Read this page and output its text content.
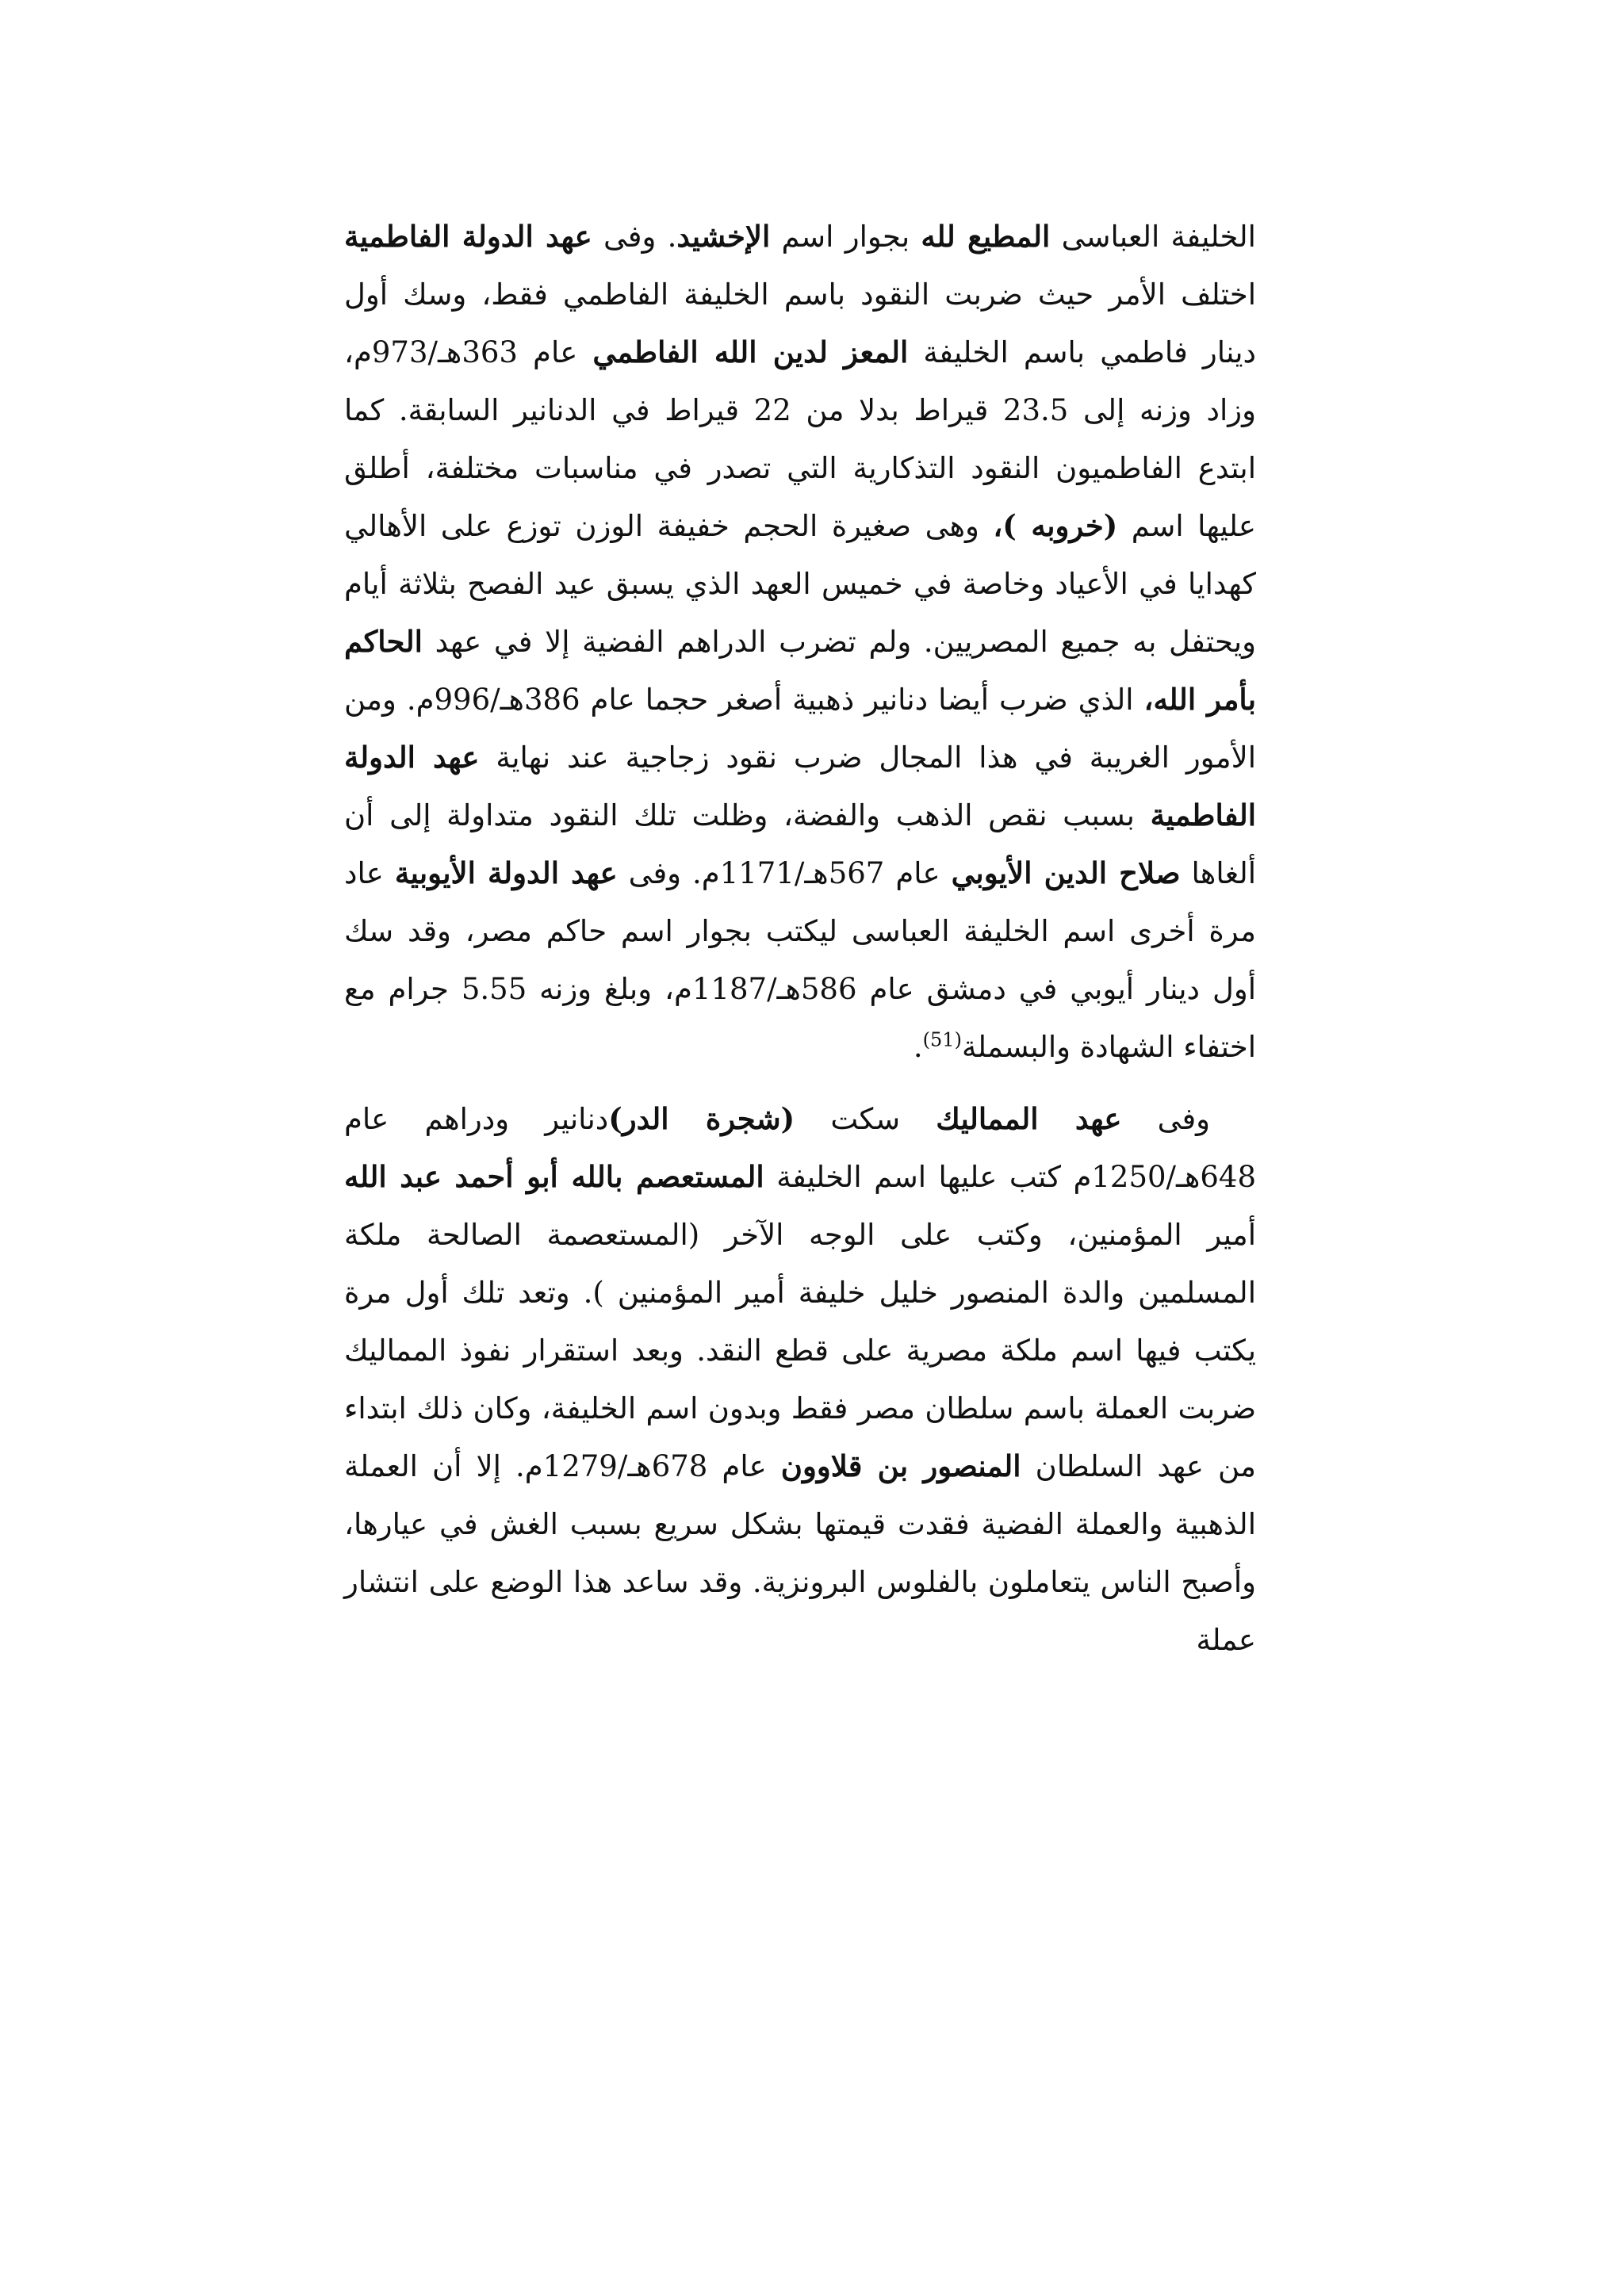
الخليفة العباسى المطيع لله بجوار اسم الإخشيد. وفى عهد الدولة الفاطمية اختلف الأمر حيث ضربت النقود باسم الخليفة الفاطمي فقط، وسك أول دينار فاطمي باسم الخليفة المعز لدين الله الفاطمي عام 363هـ/973م، وزاد وزنه إلى 23.5 قيراط بدلا من 22 قيراط في الدنانير السابقة. كما ابتدع الفاطميون النقود التذكارية التي تصدر في مناسبات مختلفة، أطلق عليها اسم (خروبه )، وهى صغيرة الحجم خفيفة الوزن توزع على الأهالي كهدايا في الأعياد وخاصة في خميس العهد الذي يسبق عيد الفصح بثلاثة أيام ويحتفل به جميع المصريين. ولم تضرب الدراهم الفضية إلا في عهد الحاكم بأمر الله، الذي ضرب أيضا دنانير ذهبية أصغر حجما عام 386هـ/996م. ومن الأمور الغريبة في هذا المجال ضرب نقود زجاجية عند نهاية عهد الدولة الفاطمية بسبب نقص الذهب والفضة، وظلت تلك النقود متداولة إلى أن ألغاها صلاح الدين الأيوبي عام 567هـ/1171م. وفى عهد الدولة الأيوبية عاد مرة أخرى اسم الخليفة العباسى ليكتب بجوار اسم حاكم مصر، وقد سك أول دينار أيوبي في دمشق عام 586هـ/1187م، وبلغ وزنه 5.55 جرام مع اختفاء الشهادة والبسملة$^{(51)}$.

وفى عهد المماليك سكت (شجرة الدر)دنانير ودراهم عام 648هـ/1250م كتب عليها اسم الخليفة المستعصم بالله أبو أحمد عبد الله أمير المؤمنين، وكتب على الوجه الآخر (المستعصمة الصالحة ملكة المسلمين والدة المنصور خليل خليفة أمير المؤمنين ). وتعد تلك أول مرة يكتب فيها اسم ملكة مصرية على قطع النقد. وبعد استقرار نفوذ المماليك ضربت العملة باسم سلطان مصر فقط وبدون اسم الخليفة، وكان ذلك ابتداء من عهد السلطان المنصور بن قلاوون عام 678هـ/1279م. إلا أن العملة الذهبية والعملة الفضية فقدت قيمتها بشكل سريع بسبب الغش في عيارها، وأصبح الناس يتعاملون بالفلوس البرونزية. وقد ساعد هذا الوضع على انتشار عملة
